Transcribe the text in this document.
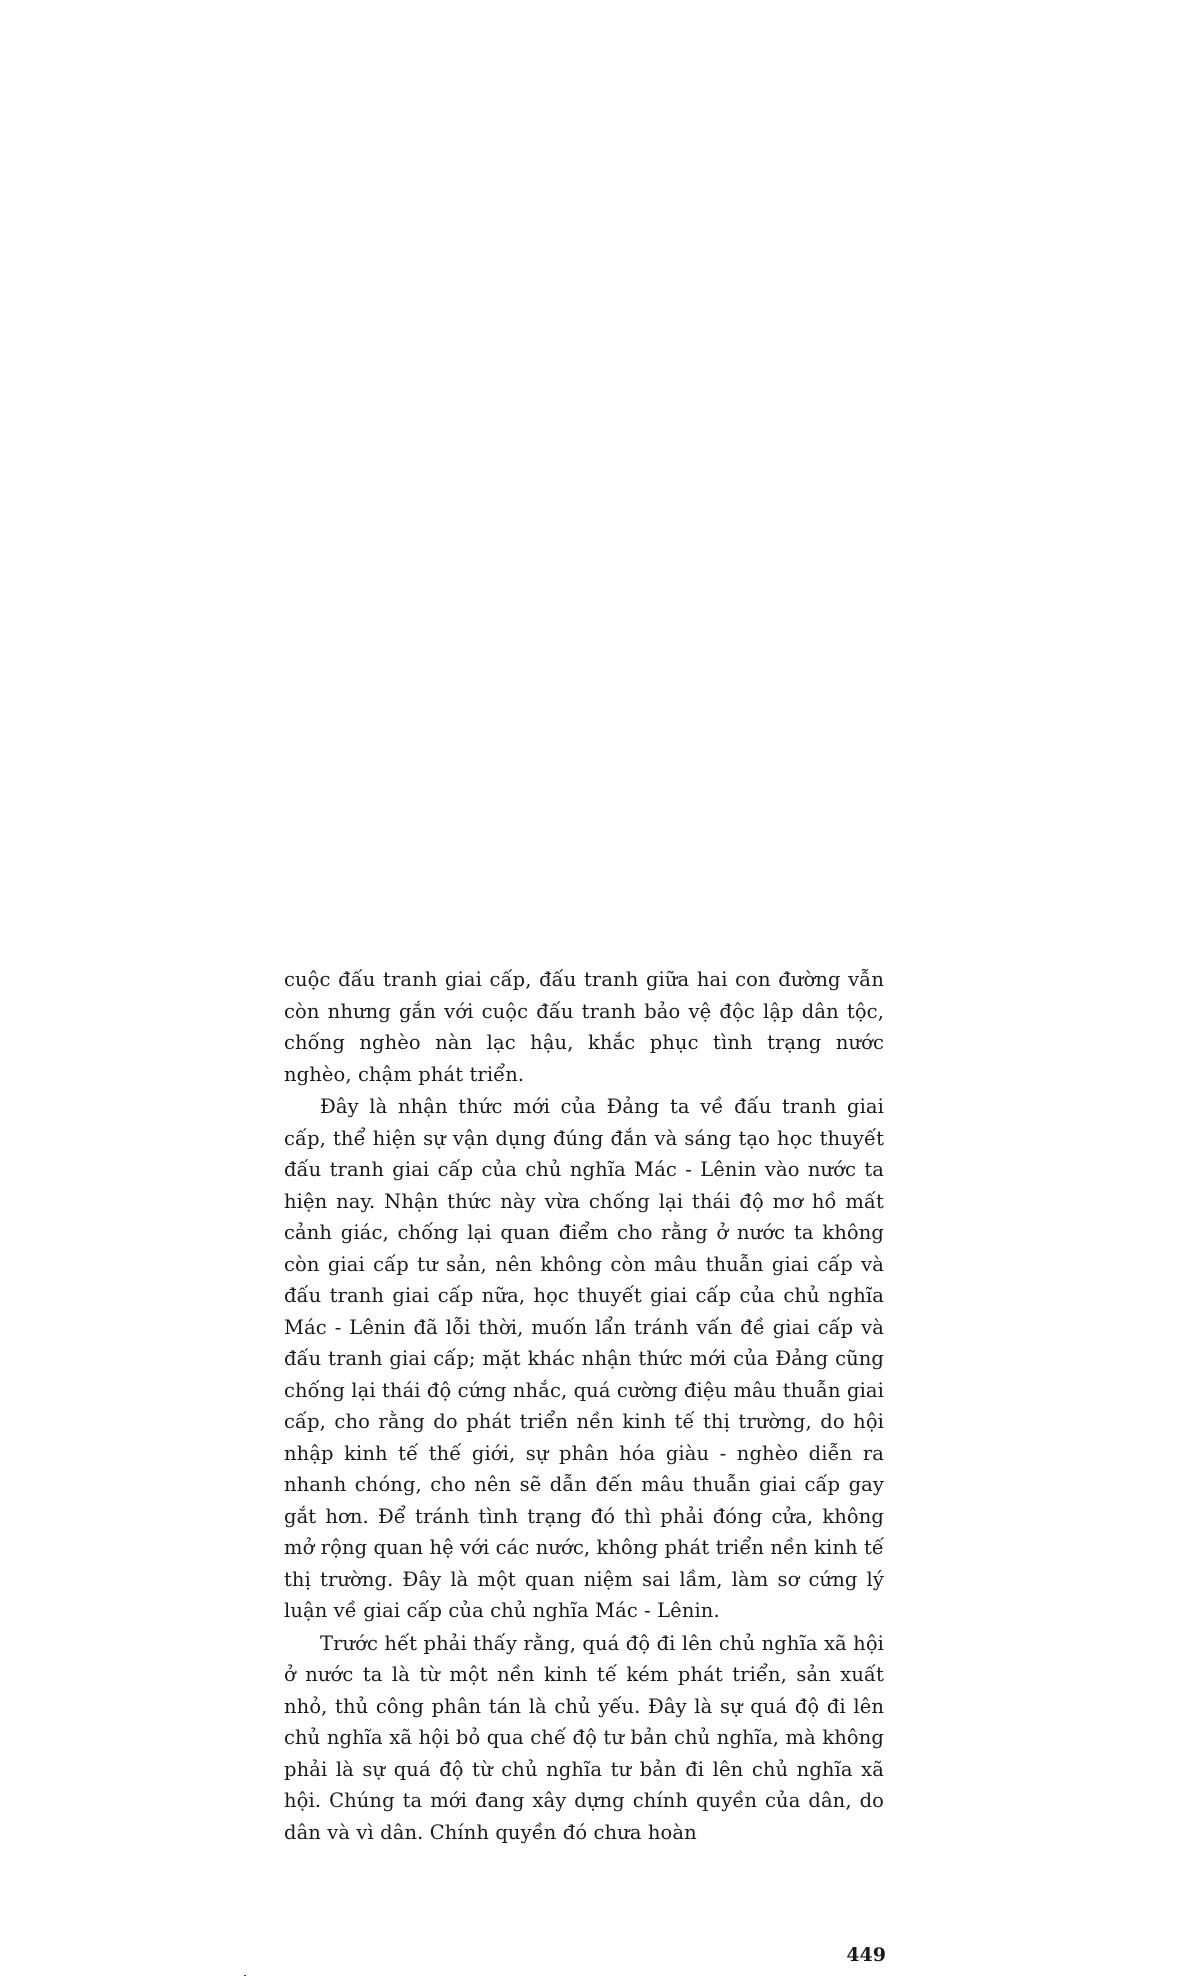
cuộc đấu tranh giai cấp, đấu tranh giữa hai con đường vẫn còn nhưng gắn với cuộc đấu tranh bảo vệ độc lập dân tộc, chống nghèo nàn lạc hậu, khắc phục tình trạng nước nghèo, chậm phát triển.

Đây là nhận thức mới của Đảng ta về đấu tranh giai cấp, thể hiện sự vận dụng đúng đắn và sáng tạo học thuyết đấu tranh giai cấp của chủ nghĩa Mác - Lênin vào nước ta hiện nay. Nhận thức này vừa chống lại thái độ mơ hồ mất cảnh giác, chống lại quan điểm cho rằng ở nước ta không còn giai cấp tư sản, nên không còn mâu thuẫn giai cấp và đấu tranh giai cấp nữa, học thuyết giai cấp của chủ nghĩa Mác - Lênin đã lỗi thời, muốn lẩn tránh vấn đề giai cấp và đấu tranh giai cấp; mặt khác nhận thức mới của Đảng cũng chống lại thái độ cứng nhắc, quá cường điệu mâu thuẫn giai cấp, cho rằng do phát triển nền kinh tế thị trường, do hội nhập kinh tế thế giới, sự phân hóa giàu - nghèo diễn ra nhanh chóng, cho nên sẽ dẫn đến mâu thuẫn giai cấp gay gắt hơn. Để tránh tình trạng đó thì phải đóng cửa, không mở rộng quan hệ với các nước, không phát triển nền kinh tế thị trường. Đây là một quan niệm sai lầm, làm sơ cứng lý luận về giai cấp của chủ nghĩa Mác - Lênin.

Trước hết phải thấy rằng, quá độ đi lên chủ nghĩa xã hội ở nước ta là từ một nền kinh tế kém phát triển, sản xuất nhỏ, thủ công phân tán là chủ yếu. Đây là sự quá độ đi lên chủ nghĩa xã hội bỏ qua chế độ tư bản chủ nghĩa, mà không phải là sự quá độ từ chủ nghĩa tư bản đi lên chủ nghĩa xã hội. Chúng ta mới đang xây dựng chính quyền của dân, do dân và vì dân. Chính quyền đó chưa hoàn

449
